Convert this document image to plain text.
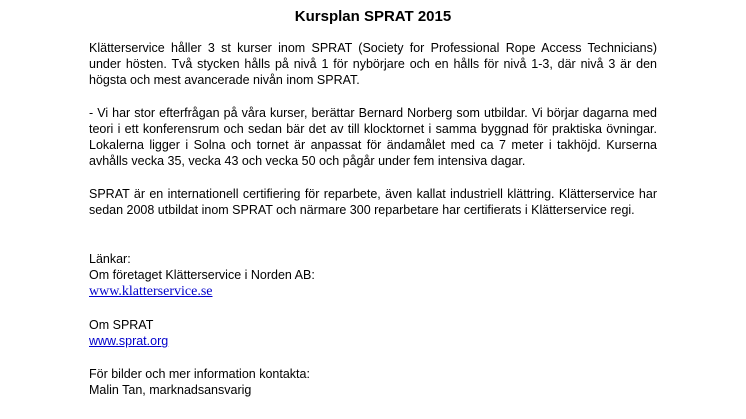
Kursplan SPRAT 2015

Klätterservice håller 3 st kurser inom SPRAT (Society for Professional Rope Access Technicians) under hösten. Två stycken hålls på nivå 1 för nybörjare och en hålls för nivå 1-3, där nivå 3 är den högsta och mest avancerade nivån inom SPRAT.

- Vi har stor efterfrågan på våra kurser, berättar Bernard Norberg som utbildar. Vi börjar dagarna med teori i ett konferensrum och sedan bär det av till klocktornet i samma byggnad för praktiska övningar. Lokalerna ligger i Solna och tornet är anpassat för ändamålet med ca 7 meter i takhöjd. Kurserna avhålls vecka 35, vecka 43 och vecka 50 och pågår under fem intensiva dagar.

SPRAT är en internationell certifiering för reparbete, även kallat industriell klättring. Klätterservice har sedan 2008 utbildat inom SPRAT och närmare 300 reparbetare har certifierats i Klätterservice regi.

Länkar:
Om företaget Klätterservice i Norden AB:
www.klatterservice.se
Om SPRAT
www.sprat.org
För bilder och mer information kontakta:
Malin Tan, marknadsansvarig
